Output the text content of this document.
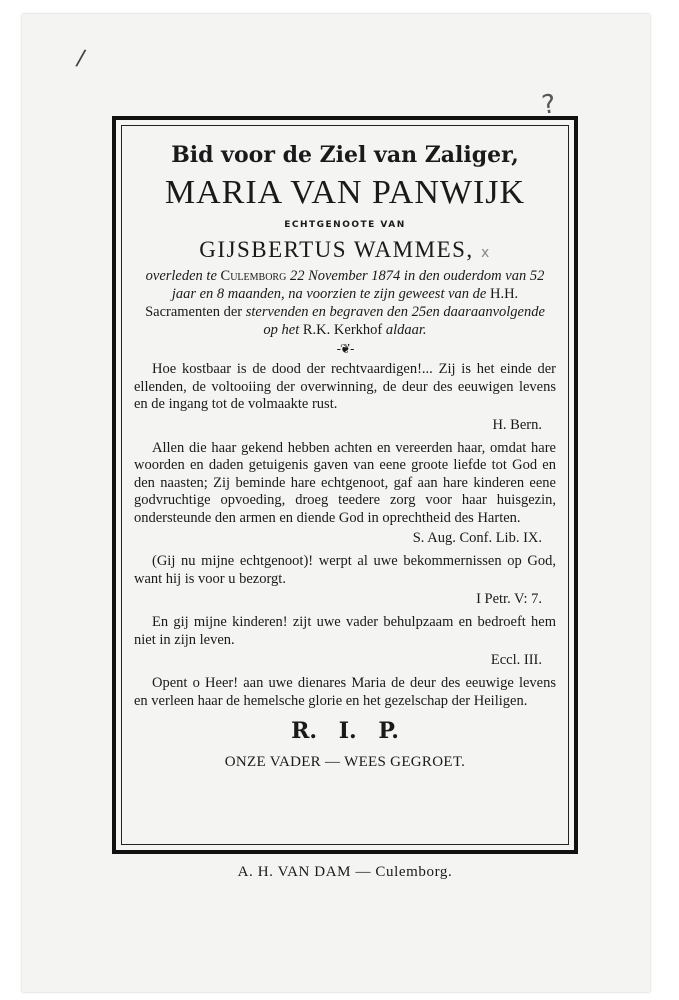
/
?
Bid voor de Ziel van Zaliger,
MARIA VAN PANWIJK
ECHTGENOOTE VAN
GIJSBERTUS WAMMES, x
overleden te Culemborg 22 November 1874 in den ouderdom van 52 jaar en 8 maanden, na voorzien te zijn geweest van de H.H. Sacramenten der stervenden en begraven den 25en daaraanvolgende op het R.K. Kerkhof aldaar.
-❦-

Hoe kostbaar is de dood der rechtvaardigen!... Zij is het einde der ellenden, de voltooiing der overwinning, de deur des eeuwigen levens en de ingang tot de volmaakte rust.

H. Bern.

Allen die haar gekend hebben achten en vereerden haar, omdat hare woorden en daden getuigenis gaven van eene groote liefde tot God en den naasten; Zij beminde hare echtgenoot, gaf aan hare kinderen eene godvruchtige opvoeding, droeg teedere zorg voor haar huisgezin, ondersteunde den armen en diende God in oprechtheid des Harten.

S. Aug. Conf. Lib. IX.

(Gij nu mijne echtgenoot)! werpt al uwe bekommernissen op God, want hij is voor u bezorgt.

I Petr. V: 7.

En gij mijne kinderen! zijt uwe vader behulpzaam en bedroeft hem niet in zijn leven.

Eccl. III.

Opent o Heer! aan uwe dienares Maria de deur des eeuwige levens en verleen haar de hemelsche glorie en het gezelschap der Heiligen.

R. I. P.
ONZE VADER — WEES GEGROET.
A. H. VAN DAM — Culemborg.
